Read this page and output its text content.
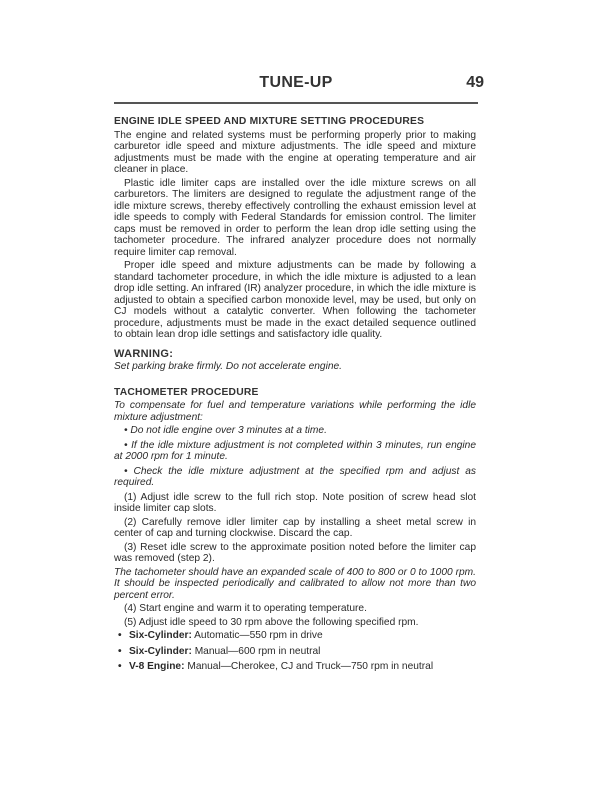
TUNE-UP	49
ENGINE IDLE SPEED AND MIXTURE SETTING PROCEDURES

The engine and related systems must be performing properly prior to making carburetor idle speed and mixture adjustments. The idle speed and mixture adjustments must be made with the engine at operating temperature and air cleaner in place.

Plastic idle limiter caps are installed over the idle mixture screws on all carburetors. The limiters are designed to regulate the adjustment range of the idle mixture screws, thereby effectively controlling the exhaust emission level at idle speeds to comply with Federal Standards for emission control. The limiter caps must be removed in order to perform the lean drop idle setting using the tachometer procedure. The infrared analyzer procedure does not normally require limiter cap removal.

Proper idle speed and mixture adjustments can be made by following a standard tachometer procedure, in which the idle mixture is adjusted to a lean drop idle setting. An infrared (IR) analyzer procedure, in which the idle mixture is adjusted to obtain a specified carbon monoxide level, may be used, but only on CJ models without a catalytic converter. When following the tachometer procedure, adjustments must be made in the exact detailed sequence outlined to obtain lean drop idle settings and satisfactory idle quality.

WARNING:

Set parking brake firmly. Do not accelerate engine.

TACHOMETER PROCEDURE

To compensate for fuel and temperature variations while performing the idle mixture adjustment:

• Do not idle engine over 3 minutes at a time.

• If the idle mixture adjustment is not completed within 3 minutes, run engine at 2000 rpm for 1 minute.

• Check the idle mixture adjustment at the specified rpm and adjust as required.

(1) Adjust idle screw to the full rich stop. Note position of screw head slot inside limiter cap slots.

(2) Carefully remove idler limiter cap by installing a sheet metal screw in center of cap and turning clockwise. Discard the cap.

(3) Reset idle screw to the approximate position noted before the limiter cap was removed (step 2).

The tachometer should have an expanded scale of 400 to 800 or 0 to 1000 rpm. It should be inspected periodically and calibrated to allow not more than two percent error.

(4) Start engine and warm it to operating temperature.

(5) Adjust idle speed to 30 rpm above the following specified rpm.

• Six-Cylinder: Automatic—550 rpm in drive
• Six-Cylinder: Manual—600 rpm in neutral
• V-8 Engine: Manual—Cherokee, CJ and Truck—750 rpm in neutral
